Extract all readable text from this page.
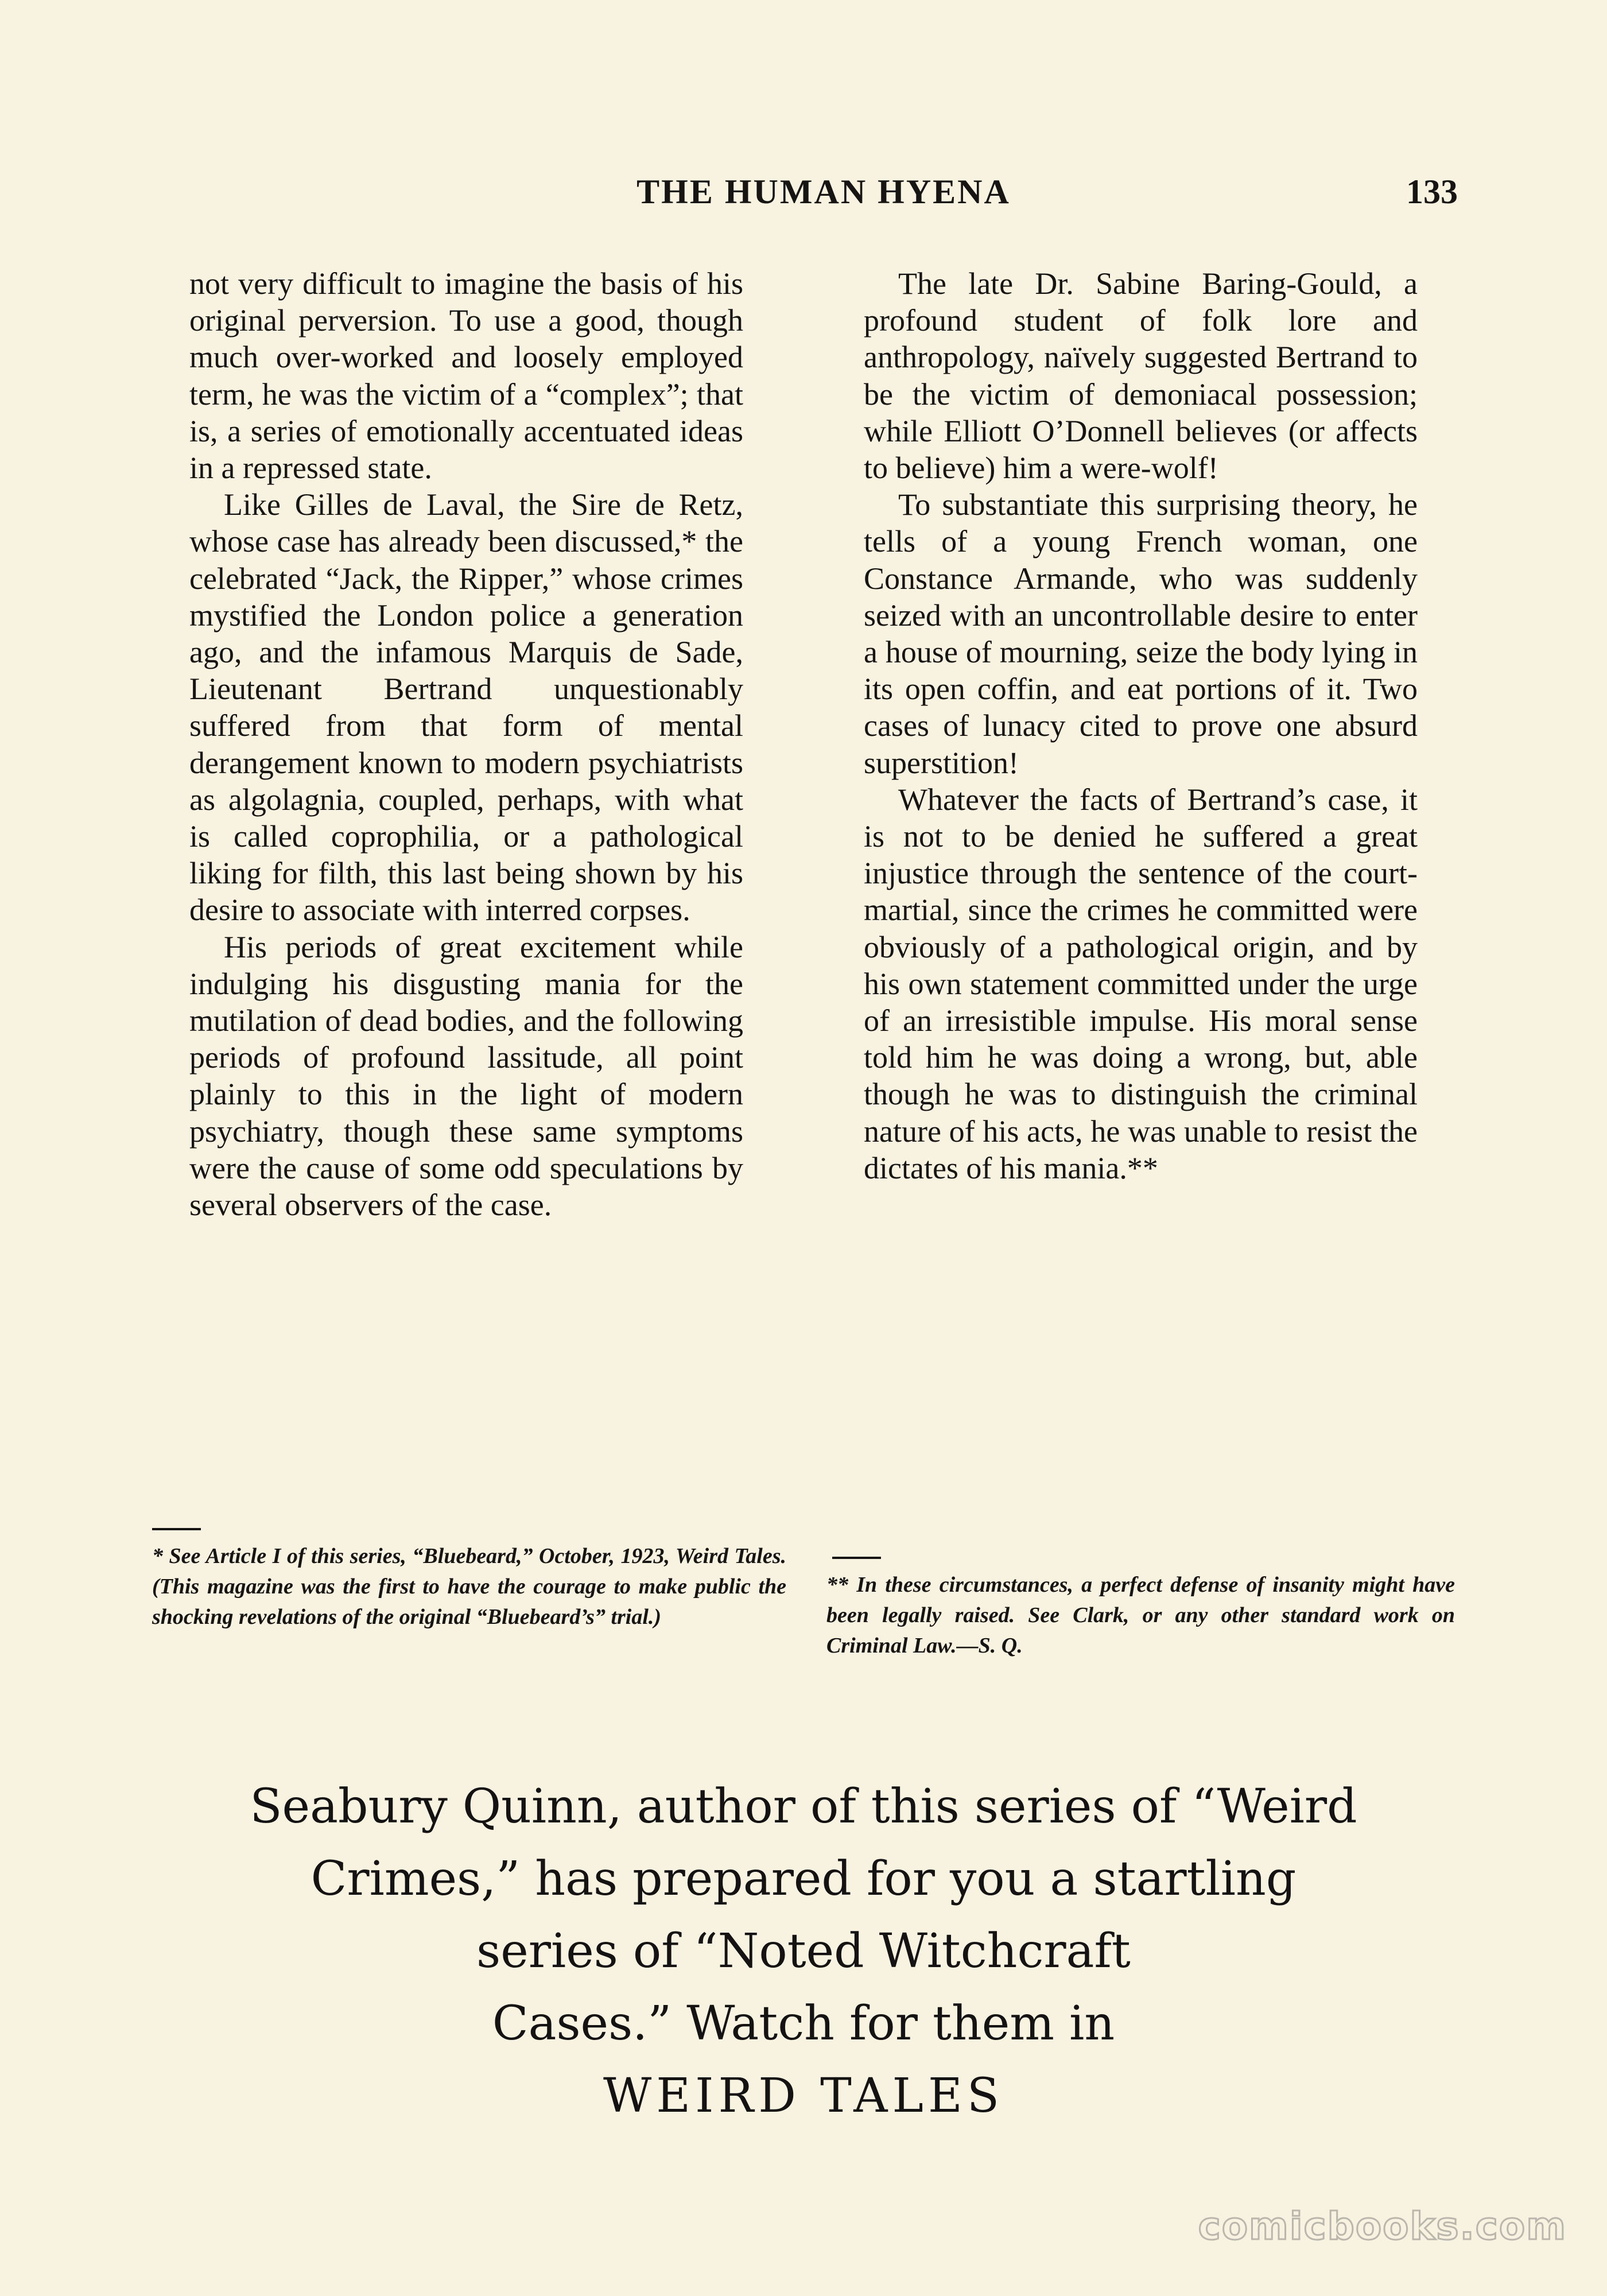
THE HUMAN HYENA	133

not very difficult to imagine the basis of his original perversion. To use a good, though much over-worked and loosely employed term, he was the victim of a “complex”; that is, a series of emotionally accentuated ideas in a repressed state.

Like Gilles de Laval, the Sire de Retz, whose case has already been discussed,* the celebrated “Jack, the Ripper,” whose crimes mystified the London police a generation ago, and the infamous Marquis de Sade, Lieutenant Bertrand unquestionably suffered from that form of mental derangement known to modern psychiatrists as algolagnia, coupled, perhaps, with what is called coprophilia, or a pathological liking for filth, this last being shown by his desire to associate with interred corpses.

His periods of great excitement while indulging his disgusting mania for the mutilation of dead bodies, and the following periods of profound lassitude, all point plainly to this in the light of modern psychiatry, though these same symptoms were the cause of some odd speculations by several observers of the case.

* See Article I of this series, “Bluebeard,” October, 1923, Weird Tales. (This magazine was the first to have the courage to make public the shocking revelations of the original “Bluebeard’s” trial.)

The late Dr. Sabine Baring-Gould, a profound student of folk lore and anthropology, naïvely suggested Bertrand to be the victim of demoniacal possession; while Elliott O’Donnell believes (or affects to believe) him a were-wolf!

To substantiate this surprising theory, he tells of a young French woman, one Constance Armande, who was suddenly seized with an uncontrollable desire to enter a house of mourning, seize the body lying in its open coffin, and eat portions of it. Two cases of lunacy cited to prove one absurd superstition!

Whatever the facts of Bertrand’s case, it is not to be denied he suffered a great injustice through the sentence of the court-martial, since the crimes he committed were obviously of a pathological origin, and by his own statement committed under the urge of an irresistible impulse. His moral sense told him he was doing a wrong, but, able though he was to distinguish the criminal nature of his acts, he was unable to resist the dictates of his mania.**

** In these circumstances, a perfect defense of insanity might have been legally raised. See Clark, or any other standard work on Criminal Law.—S. Q.
Seabury Quinn, author of this series of “Weird
Crimes,” has prepared for you a startling
series of “Noted Witchcraft
Cases.” Watch for them in
WEIRD TALES
comicbooks.com
